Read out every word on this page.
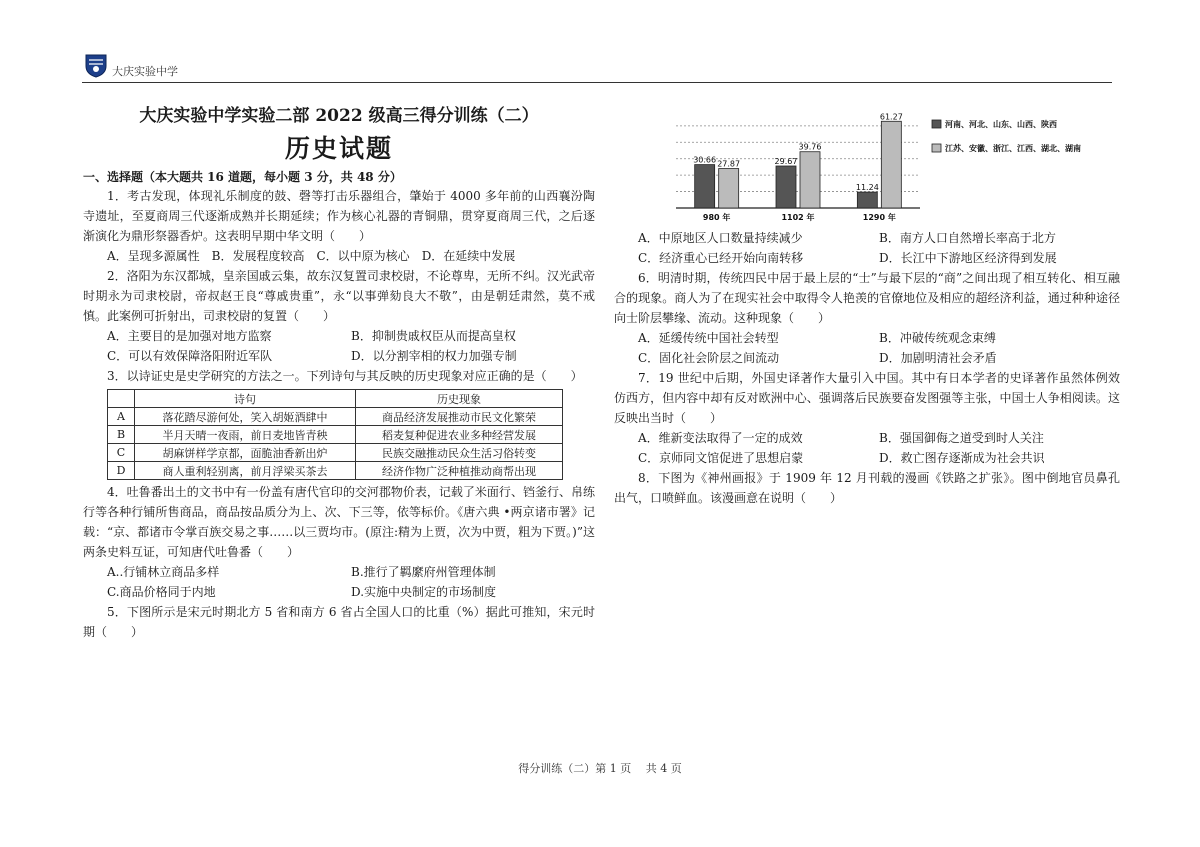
大庆实验中学

大庆实验中学实验二部 2022 级高三得分训练（二）

历史试题

一、选择题（本大题共 16 道题，每小题 3 分，共 48 分）

1．考古发现，体现礼乐制度的鼓、磬等打击乐器组合，肇始于 4000 多年前的山西襄汾陶寺遗址，至夏商周三代逐渐成熟并长期延续；作为核心礼器的青铜鼎，贯穿夏商周三代，之后逐渐演化为鼎形祭器香炉。这表明早期中华文明（　　）

A．呈现多源属性 B．发展程度较高 C．以中原为核心 D．在延续中发展

2．洛阳为东汉都城，皇亲国戚云集，故东汉复置司隶校尉，不论尊卑，无所不纠。汉光武帝时期永为司隶校尉，帝叔赵王良“尊戚贵重”，永“以事弹劾良大不敬”，由是朝廷肃然，莫不戒慎。此案例可折射出，司隶校尉的复置（　　）

A．主要目的是加强对地方监察	B．抑制贵戚权臣从而提高皇权
C．可以有效保障洛阳附近军队	D．以分割宰相的权力加强专制

3．以诗证史是史学研究的方法之一。下列诗句与其反映的历史现象对应正确的是（　　）

	诗句	历史现象
A	落花踏尽游何处，笑入胡姬酒肆中	商品经济发展推动市民文化繁荣
B	半月天晴一夜雨，前日麦地皆青秧	稻麦复种促进农业多种经营发展
C	胡麻饼样学京都，面脆油香新出炉	民族交融推动民众生活习俗转变
D	商人重利轻别离，前月浮梁买茶去	经济作物广泛种植推动商帮出现

4．吐鲁番出土的文书中有一份盖有唐代官印的交河郡物价表，记载了米面行、铛釜行、帛练行等各种行铺所售商品，商品按品质分为上、次、下三等，依等标价。《唐六典 •两京诸市署》记载：“京、都诸市令掌百族交易之事……以三贾均市。(原注:精为上贾，次为中贾，粗为下贾。)”这两条史料互证，可知唐代吐鲁番（　　）

A..行铺林立商品多样	B.推行了羁縻府州管理体制
C.商品价格同于内地	D.实施中央制定的市场制度

5．下图所示是宋元时期北方 5 省和南方 6 省占全国人口的比重（%）据此可推知，宋元时期（　　）

30.66 27.87
980 年
29.67
39.76
1102 年
11.24
61.27
1290 年
河南、河北、山东、山西、陕西
江苏、安徽、浙江、江西、湖北、湖南
A．中原地区人口数量持续减少	B．南方人口自然增长率高于北方
C．经济重心已经开始向南转移	D．长江中下游地区经济得到发展

6．明清时期，传统四民中居于最上层的“士”与最下层的“商”之间出现了相互转化、相互融合的现象。商人为了在现实社会中取得令人艳羡的官僚地位及相应的超经济利益，通过种种途径向士阶层攀缘、流动。这种现象（　　）

A．延缓传统中国社会转型	B．冲破传统观念束缚
C．固化社会阶层之间流动	D．加剧明清社会矛盾

7．19 世纪中后期，外国史译著作大量引入中国。其中有日本学者的史译著作虽然体例效仿西方，但内容中却有反对欧洲中心、强调落后民族要奋发图强等主张，中国士人争相阅读。这反映出当时（　　）

A．维新变法取得了一定的成效	B．强国御侮之道受到时人关注
C．京师同文馆促进了思想启蒙	D．救亡图存逐渐成为社会共识

8．下图为《神州画报》于 1909 年 12 月刊载的漫画《铁路之扩张》。图中倒地官员鼻孔出气，口喷鲜血。该漫画意在说明（　　）

得分训练（二）第 1 页　 共 4 页
